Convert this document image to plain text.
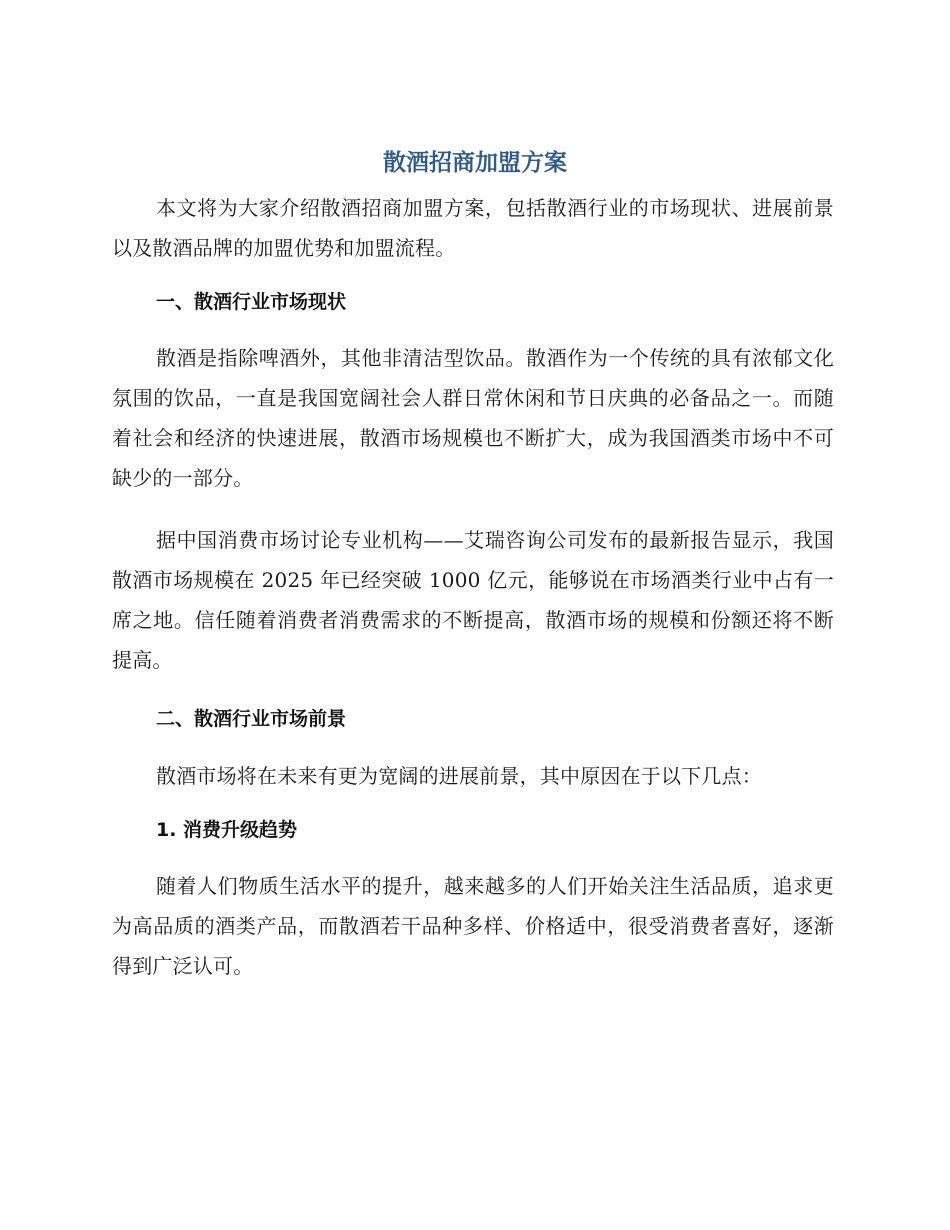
散酒招商加盟方案

本文将为大家介绍散酒招商加盟方案，包括散酒行业的市场现状、进展前景以及散酒品牌的加盟优势和加盟流程。

一、散酒行业市场现状

散酒是指除啤酒外，其他非清洁型饮品。散酒作为一个传统的具有浓郁文化氛围的饮品，一直是我国宽阔社会人群日常休闲和节日庆典的必备品之一。而随着社会和经济的快速进展，散酒市场规模也不断扩大，成为我国酒类市场中不可缺少的一部分。

据中国消费市场讨论专业机构——艾瑞咨询公司发布的最新报告显示，我国散酒市场规模在 2025 年已经突破 1000 亿元，能够说在市场酒类行业中占有一席之地。信任随着消费者消费需求的不断提高，散酒市场的规模和份额还将不断提高。

二、散酒行业市场前景

散酒市场将在未来有更为宽阔的进展前景，其中原因在于以下几点：

1. 消费升级趋势

随着人们物质生活水平的提升，越来越多的人们开始关注生活品质，追求更为高品质的酒类产品，而散酒若干品种多样、价格适中，很受消费者喜好，逐渐得到广泛认可。
